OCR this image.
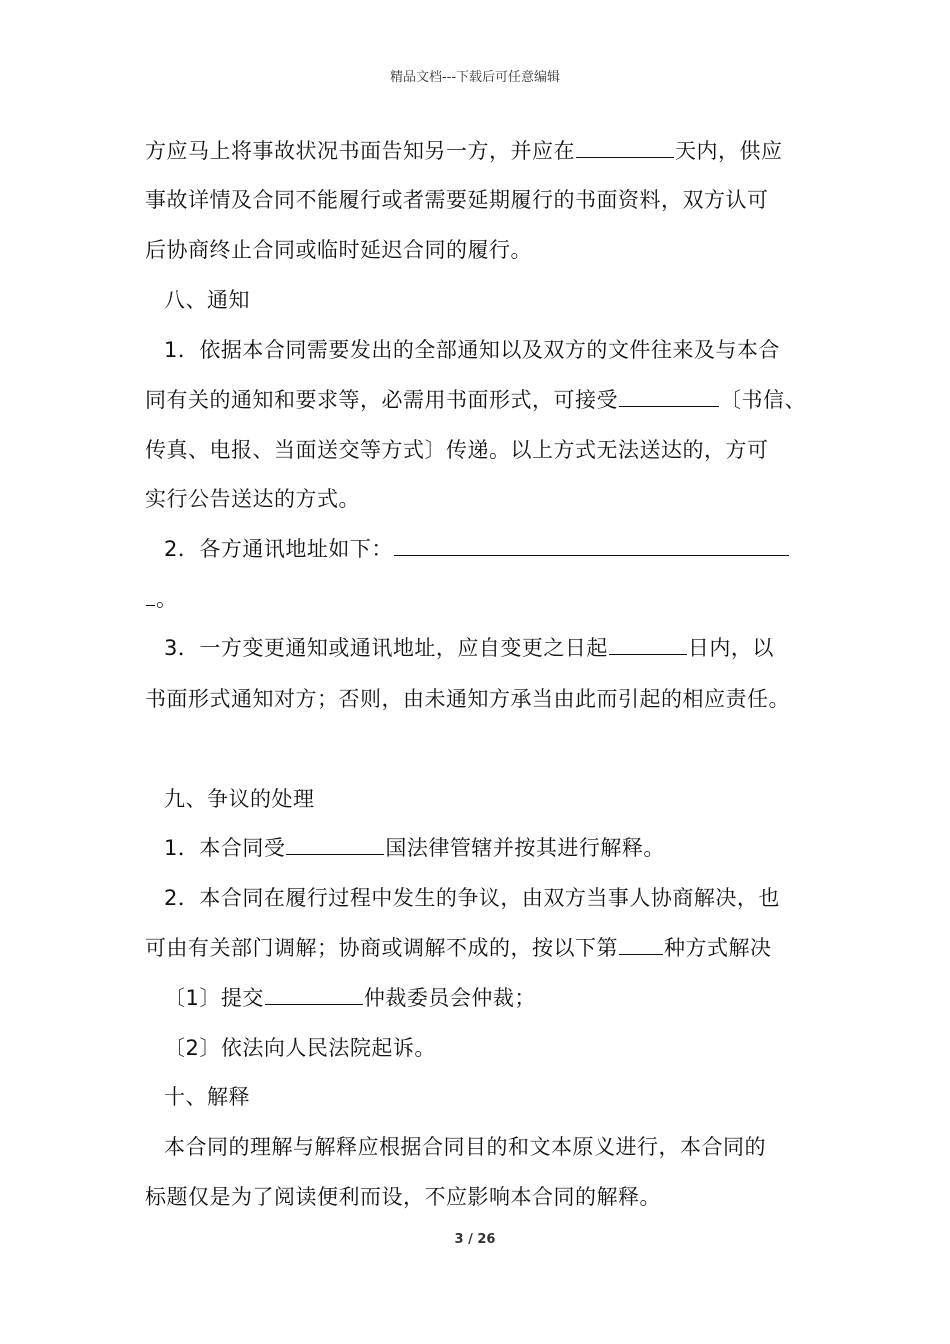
精品文档---下载后可任意编辑
方应马上将事故状况书面告知另一方，并应在	天内，供应
事故详情及合同不能履行或者需要延期履行的书面资料，双方认可
后协商终止合同或临时延迟合同的履行。
八、通知
1．依据本合同需要发出的全部通知以及双方的文件往来及与本合
同有关的通知和要求等，必需用书面形式，可接受	〔书信、
传真、电报、当面送交等方式〕传递。以上方式无法送达的，方可
实行公告送达的方式。
2．各方通讯地址如下：
。
3．一方变更通知或通讯地址，应自变更之日起	日内，以
书面形式通知对方；否则，由未通知方承当由此而引起的相应责任。
九、争议的处理
1．本合同受	国法律管辖并按其进行解释。
2．本合同在履行过程中发生的争议，由双方当事人协商解决，也
可由有关部门调解；协商或调解不成的，按以下第 种方式解决
〔1〕提交	仲裁委员会仲裁；
〔2〕依法向人民法院起诉。
十、解释
本合同的理解与解释应根据合同目的和文本原义进行，本合同的
标题仅是为了阅读便利而设，不应影响本合同的解释。
3 / 26
